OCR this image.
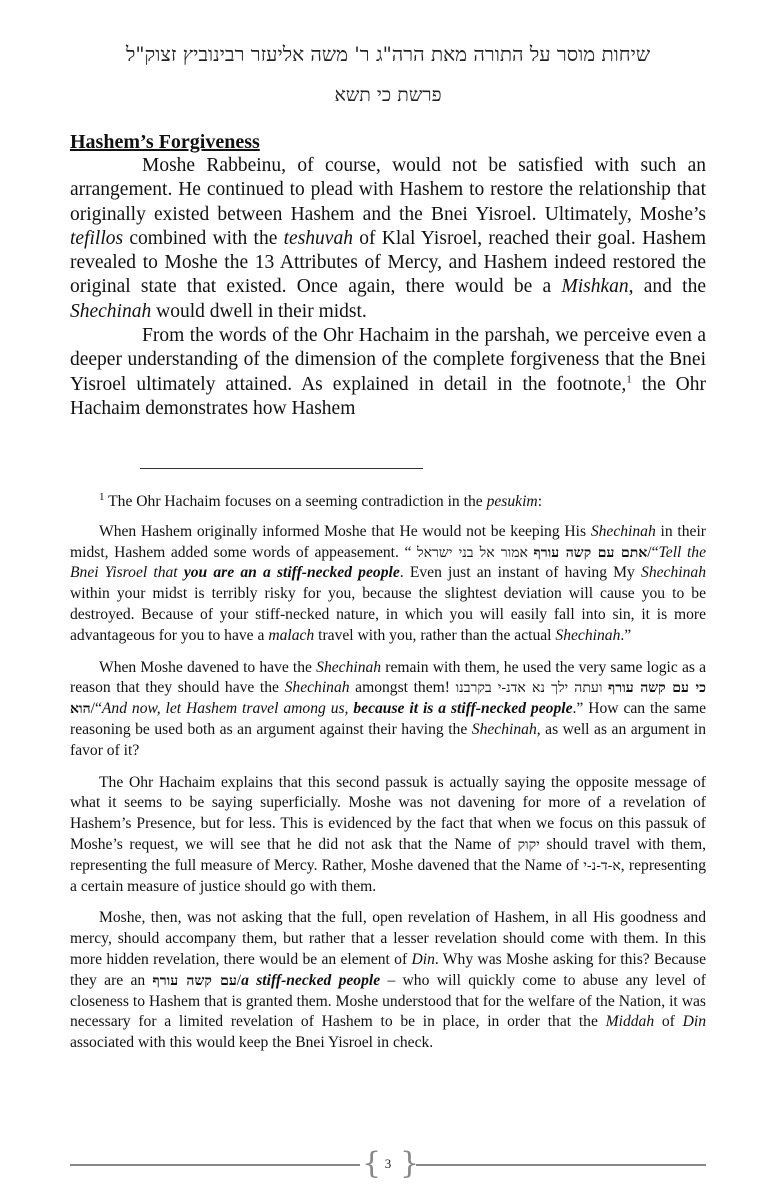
שיחות מוסר על התורה מאת הרה"ג ר' משה אליעזר רבינוביץ זצוק"ל
פרשת כי תשא
Hashem’s Forgiveness

Moshe Rabbeinu, of course, would not be satisfied with such an arrangement. He continued to plead with Hashem to restore the relationship that originally existed between Hashem and the Bnei Yisroel. Ultimately, Moshe’s tefillos combined with the teshuvah of Klal Yisroel, reached their goal. Hashem revealed to Moshe the 13 Attributes of Mercy, and Hashem indeed restored the original state that existed. Once again, there would be a Mishkan, and the Shechinah would dwell in their midst.

From the words of the Ohr Hachaim in the parshah, we perceive even a deeper understanding of the dimension of the complete forgiveness that the Bnei Yisroel ultimately attained. As explained in detail in the footnote,$^1$ the Ohr Hachaim demonstrates how Hashem

$^1$ The Ohr Hachaim focuses on a seeming contradiction in the pesukim:

When Hashem originally informed Moshe that He would not be keeping His Shechinah in their midst, Hashem added some words of appeasement. “ אמור אל בני ישראל אתם עם קשה עורף/“Tell the Bnei Yisroel that you are an a stiff-necked people. Even just an instant of having My Shechinah within your midst is terribly risky for you, because the slightest deviation will cause you to be destroyed. Because of your stiff-necked nature, in which you will easily fall into sin, it is more advantageous for you to have a malach travel with you, rather than the actual Shechinah.”

When Moshe davened to have the Shechinah remain with them, he used the very same logic as a reason that they should have the Shechinah amongst them! ועתה ילך נא אדנ-י בקרבנו כי עם קשה עורף הוא/“And now, let Hashem travel among us, because it is a stiff-necked people.” How can the same reasoning be used both as an argument against their having the Shechinah, as well as an argument in favor of it?

The Ohr Hachaim explains that this second passuk is actually saying the opposite message of what it seems to be saying superficially. Moshe was not davening for more of a revelation of Hashem’s Presence, but for less. This is evidenced by the fact that when we focus on this passuk of Moshe’s request, we will see that he did not ask that the Name of יקוק should travel with them, representing the full measure of Mercy. Rather, Moshe davened that the Name of א-ד-נ-י, representing a certain measure of justice should go with them.

Moshe, then, was not asking that the full, open revelation of Hashem, in all His goodness and mercy, should accompany them, but rather that a lesser revelation should come with them. In this more hidden revelation, there would be an element of Din. Why was Moshe asking for this? Because they are an עם קשה עורף/a stiff-necked people – who will quickly come to abuse any level of closeness to Hashem that is granted them. Moshe understood that for the welfare of the Nation, it was necessary for a limited revelation of Hashem to be in place, in order that the Middah of Din associated with this would keep the Bnei Yisroel in check.

{ 3 }
